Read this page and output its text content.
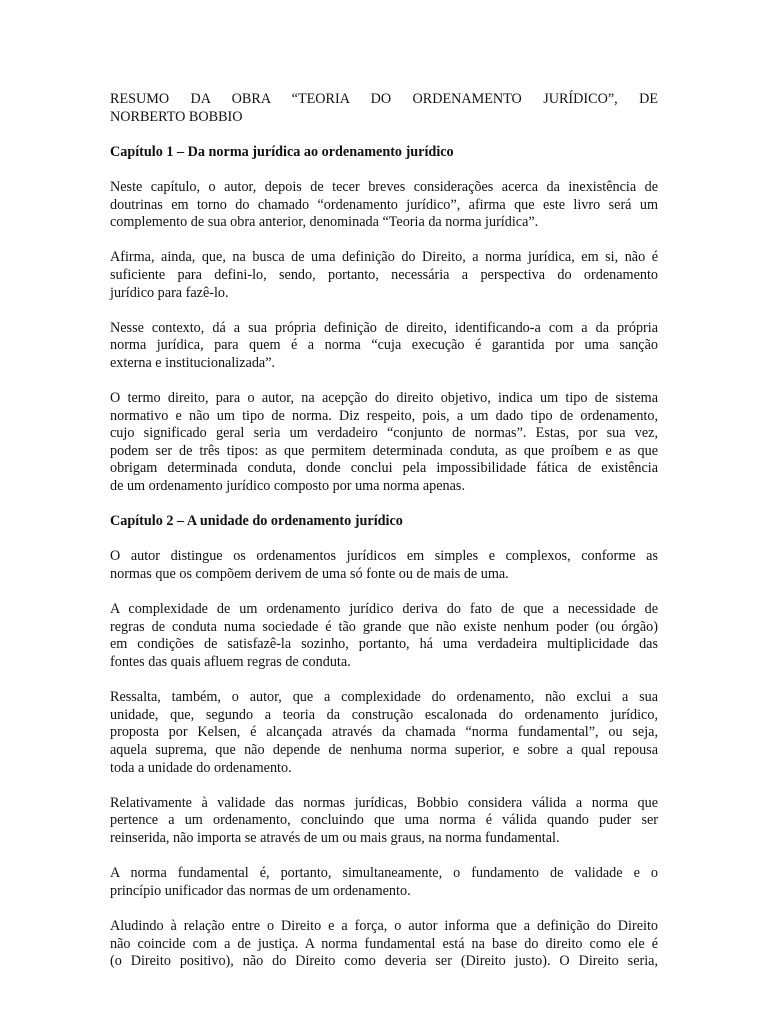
RESUMO DA OBRA “TEORIA DO ORDENAMENTO JURÍDICO”, DE
NORBERTO BOBBIO
Capítulo 1 – Da norma jurídica ao ordenamento jurídico
Neste capítulo, o autor, depois de tecer breves considerações acerca da inexistência de
doutrinas em torno do chamado “ordenamento jurídico”, afirma que este livro será um
complemento de sua obra anterior, denominada “Teoria da norma jurídica”.
Afirma, ainda, que, na busca de uma definição do Direito, a norma jurídica, em si, não é
suficiente para defini-lo, sendo, portanto, necessária a perspectiva do ordenamento
jurídico para fazê-lo.
Nesse contexto, dá a sua própria definição de direito, identificando-a com a da própria
norma jurídica, para quem é a norma “cuja execução é garantida por uma sanção
externa e institucionalizada”.
O termo direito, para o autor, na acepção do direito objetivo, indica um tipo de sistema
normativo e não um tipo de norma. Diz respeito, pois, a um dado tipo de ordenamento,
cujo significado geral seria um verdadeiro “conjunto de normas”. Estas, por sua vez,
podem ser de três tipos: as que permitem determinada conduta, as que proíbem e as que
obrigam determinada conduta, donde conclui pela impossibilidade fática de existência
de um ordenamento jurídico composto por uma norma apenas.
Capítulo 2 – A unidade do ordenamento jurídico
O autor distingue os ordenamentos jurídicos em simples e complexos, conforme as
normas que os compõem derivem de uma só fonte ou de mais de uma.
A complexidade de um ordenamento jurídico deriva do fato de que a necessidade de
regras de conduta numa sociedade é tão grande que não existe nenhum poder (ou órgão)
em condições de satisfazê-la sozinho, portanto, há uma verdadeira multiplicidade das
fontes das quais afluem regras de conduta.
Ressalta, também, o autor, que a complexidade do ordenamento, não exclui a sua
unidade, que, segundo a teoria da construção escalonada do ordenamento jurídico,
proposta por Kelsen, é alcançada através da chamada “norma fundamental”, ou seja,
aquela suprema, que não depende de nenhuma norma superior, e sobre a qual repousa
toda a unidade do ordenamento.
Relativamente à validade das normas jurídicas, Bobbio considera válida a norma que
pertence a um ordenamento, concluindo que uma norma é válida quando puder ser
reinserida, não importa se através de um ou mais graus, na norma fundamental.
A norma fundamental é, portanto, simultaneamente, o fundamento de validade e o
princípio unificador das normas de um ordenamento.
Aludindo à relação entre o Direito e a força, o autor informa que a definição do Direito
não coincide com a de justiça. A norma fundamental está na base do direito como ele é
(o Direito positivo), não do Direito como deveria ser (Direito justo). O Direito seria,
